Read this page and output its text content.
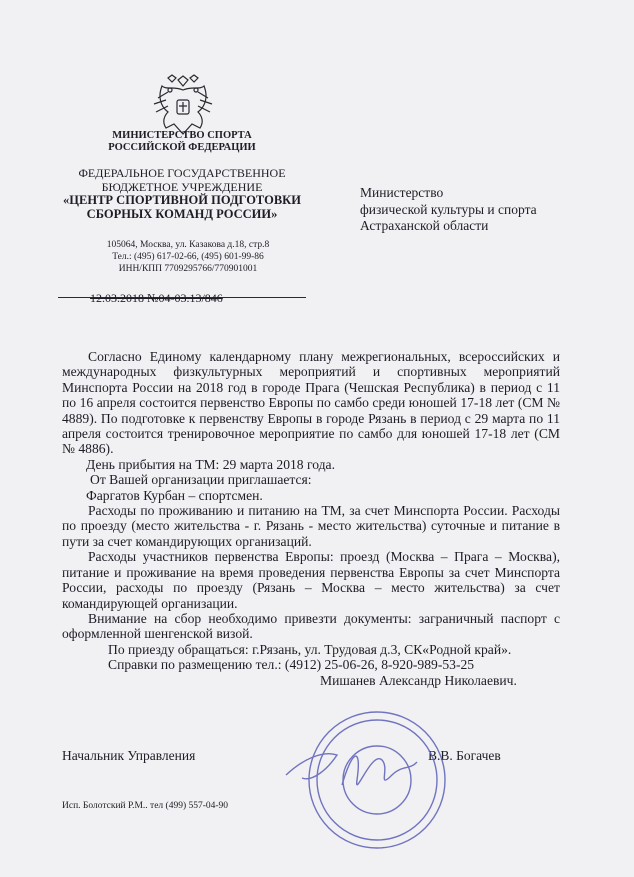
МИНИСТЕРСТВО СПОРТА
РОССИЙСКОЙ ФЕДЕРАЦИИ
ФЕДЕРАЛЬНОЕ ГОСУДАРСТВЕННОЕ
БЮДЖЕТНОЕ УЧРЕЖДЕНИЕ
«ЦЕНТР СПОРТИВНОЙ ПОДГОТОВКИ
СБОРНЫХ КОМАНД РОССИИ»
105064, Москва, ул. Казакова д.18, стр.8
Тел.: (495) 617-02-66, (495) 601-99-86
ИНН/КПП 7709295766/770901001
12.03.2018 №04-03.13/846
Министерство
физической культуры и спорта
Астраханской области

Согласно Единому календарному плану межрегиональных, всероссийских и международных физкультурных мероприятий и спортивных мероприятий Минспорта России на 2018 год в городе Прага (Чешская Республика) в период с 11 по 16 апреля состоится первенство Европы по самбо среди юношей 17-18 лет (СМ № 4889). По подготовке к первенству Европы в городе Рязань в период с 29 марта по 11 апреля состоится тренировочное мероприятие по самбо для юношей 17-18 лет (СМ № 4886).

День прибытия на ТМ: 29 марта 2018 года.

От Вашей организации приглашается:

Фаргатов Курбан – спортсмен.

Расходы по проживанию и питанию на ТМ, за счет Минспорта России. Расходы по проезду (место жительства - г. Рязань - место жительства) суточные и питание в пути за счет командирующих организаций.

Расходы участников первенства Европы: проезд (Москва – Прага – Москва), питание и проживание на время проведения первенства Европы за счет Минспорта России, расходы по проезду (Рязань – Москва – место жительства) за счет командирующей организации.

Внимание на сбор необходимо привезти документы: заграничный паспорт с оформленной шенгенской визой.

По приезду обращаться: г.Рязань, ул. Трудовая д.3, СК«Родной край».

Справки по размещению тел.: (4912) 25-06-26, 8-920-989-53-25

Мишанев Александр Николаевич.

Начальник Управления	В.В. Богачев
Исп. Болотский Р.М.. тел (499) 557-04-90
